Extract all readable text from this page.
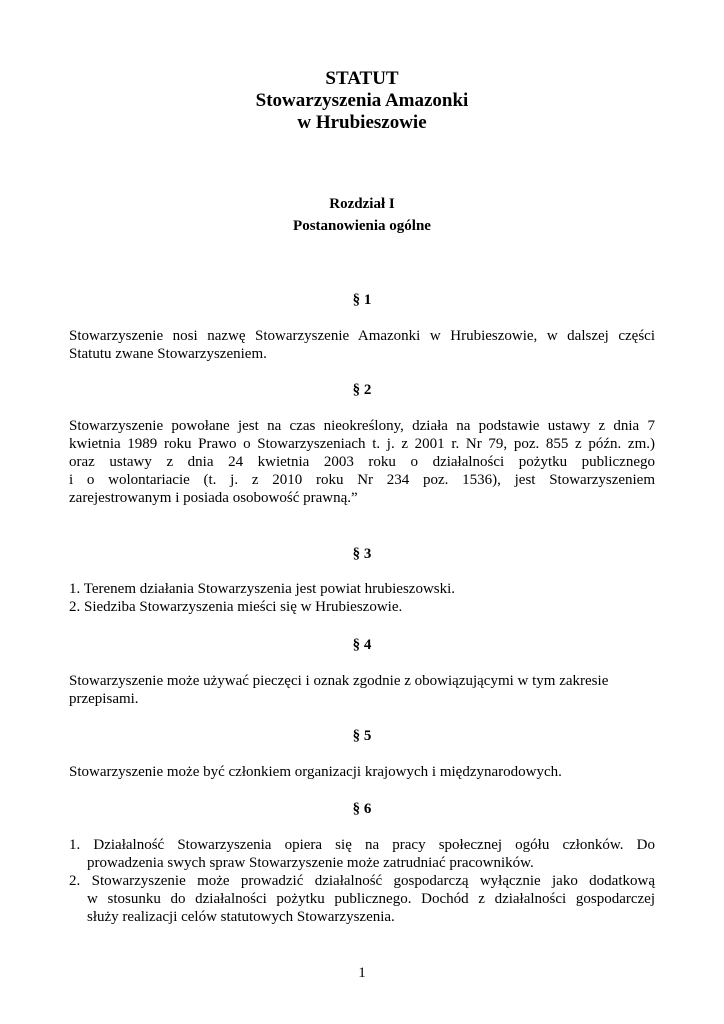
STATUT
Stowarzyszenia Amazonki
w Hrubieszowie
Rozdział I
Postanowienia ogólne
§ 1
Stowarzyszenie nosi nazwę Stowarzyszenie Amazonki w Hrubieszowie, w dalszej części
Statutu zwane Stowarzyszeniem.
§ 2
Stowarzyszenie powołane jest na czas nieokreślony, działa na podstawie ustawy z dnia 7
kwietnia 1989 roku Prawo o Stowarzyszeniach t. j. z 2001 r. Nr 79, poz. 855 z późn. zm.)
oraz ustawy z dnia 24 kwietnia 2003 roku o działalności pożytku publicznego
i o wolontariacie (t. j. z 2010 roku Nr 234 poz. 1536), jest Stowarzyszeniem
zarejestrowanym i posiada osobowość prawną.”
§ 3
1. Terenem działania Stowarzyszenia jest powiat hrubieszowski.
2. Siedziba Stowarzyszenia mieści się w Hrubieszowie.
§ 4
Stowarzyszenie może używać pieczęci i oznak zgodnie z obowiązującymi w tym zakresie
przepisami.
§ 5
Stowarzyszenie może być członkiem organizacji krajowych i międzynarodowych.
§ 6
1. Działalność Stowarzyszenia opiera się na pracy społecznej ogółu członków. Do
prowadzenia swych spraw Stowarzyszenie może zatrudniać pracowników.
2. Stowarzyszenie może prowadzić działalność gospodarczą wyłącznie jako dodatkową
w stosunku do działalności pożytku publicznego. Dochód z działalności gospodarczej
służy realizacji celów statutowych Stowarzyszenia.
1
